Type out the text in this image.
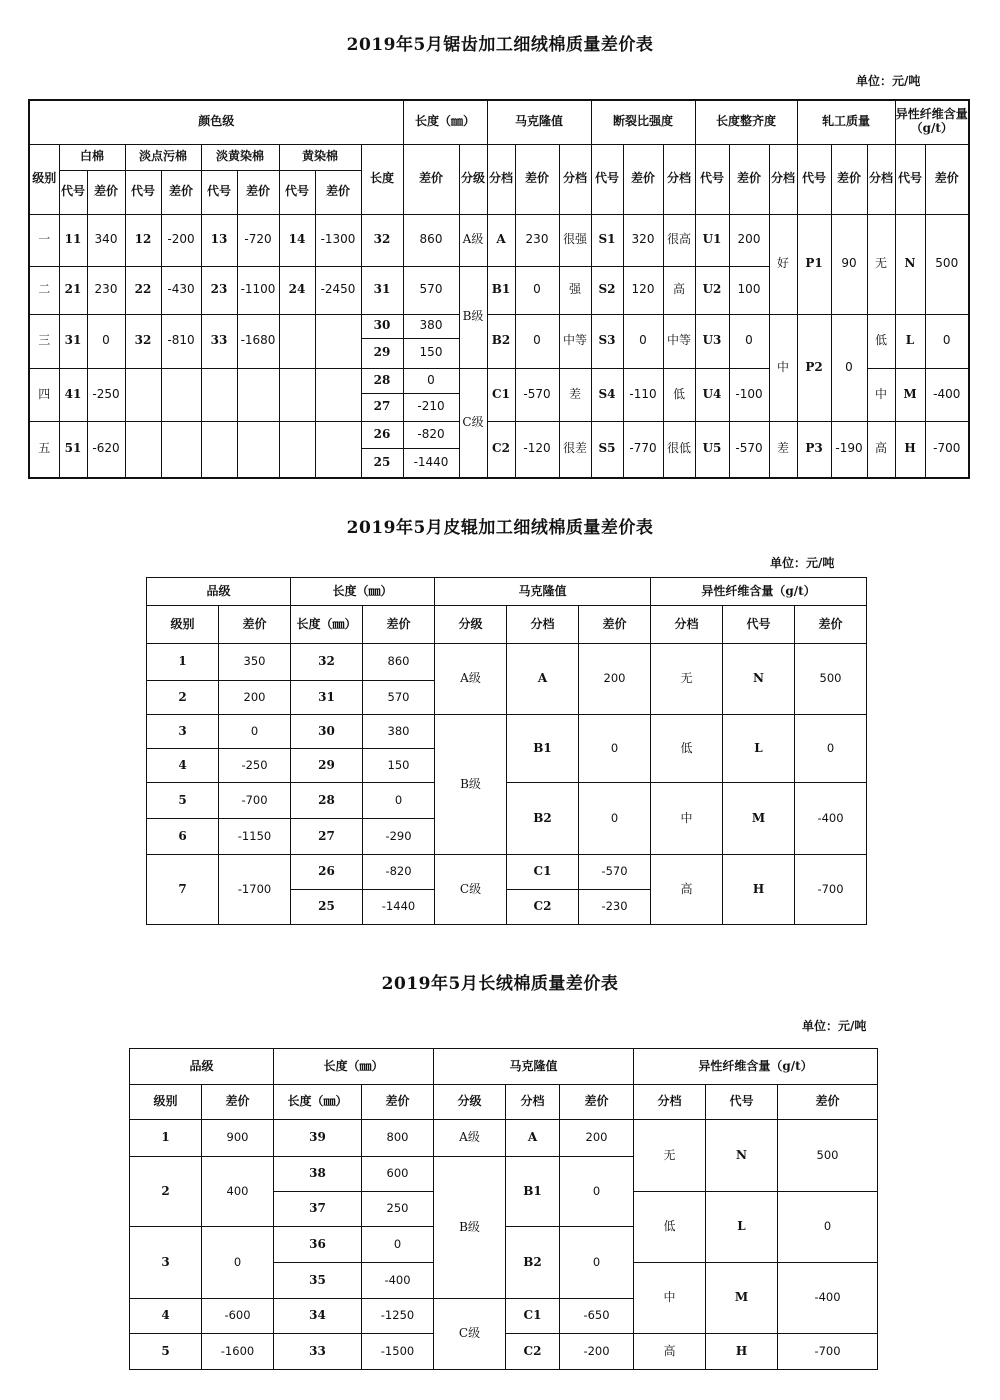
2019年5月锯齿加工细绒棉质量差价表
单位：元/吨
颜色级										长度（㎜）		马克隆值			断裂比强度			长度整齐度			轧工质量			异性纤维含量（g/t）	
级别	白棉		淡点污棉		淡黄染棉		黄染棉		长度	差价	分级	分档	差价	分档	代号	差价	分档	代号	差价	分档	代号	差价	分档	代号	差价
	代号	差价	代号	差价	代号	差价	代号	差价																	
一	11	340	12	-200	13	-720	14	-1300	32	860	A级	A	230	很强	S1	320	很高	U1	200	好	P1	90	无	N	500
二	21	230	22	-430	23	-1100	24	-2450	31	570	B级	B1	0	强	S2	120	高	U2	100						
三	31	0	32	-810	33	-1680			30	380		B2	0	中等	S3	0	中等	U3	0	中	P2	0	低	L	0
									29	150															
四	41	-250							28	0	C级	C1	-570	差	S4	-110	低	U4	-100				中	M	-400
									27	-210															
五	51	-620							26	-820		C2	-120	很差	S5	-770	很低	U5	-570	差	P3	-190	高	H	-700
									25	-1440															
2019年5月皮辊加工细绒棉质量差价表
单位：元/吨
品级		长度（㎜）		马克隆值			异性纤维含量（g/t）		
级别	差价	长度（㎜）	差价	分级	分档	差价	分档	代号	差价
1	350	32	860	A级	A	200	无	N	500
2	200	31	570						
3	0	30	380	B级	B1	0	低	L	0
4	-250	29	150						
5	-700	28	0		B2	0	中	M	-400
6	-1150	27	-290						
7	-1700	26	-820	C级	C1	-570	高	H	-700
		25	-1440		C2	-230			
2019年5月长绒棉质量差价表
单位：元/吨
品级		长度（㎜）		马克隆值			异性纤维含量（g/t）		
级别	差价	长度（㎜）	差价	分级	分档	差价	分档	代号	差价
1	900	39	800	A级	A	200	无	N	500
2	400	38	600	B级	B1	0			
		37	250				低	L	0
3	0	36	0		B2	0			
		35	-400				中	M	-400
4	-600	34	-1250	C级	C1	-650			
5	-1600	33	-1500		C2	-200	高	H	-700
